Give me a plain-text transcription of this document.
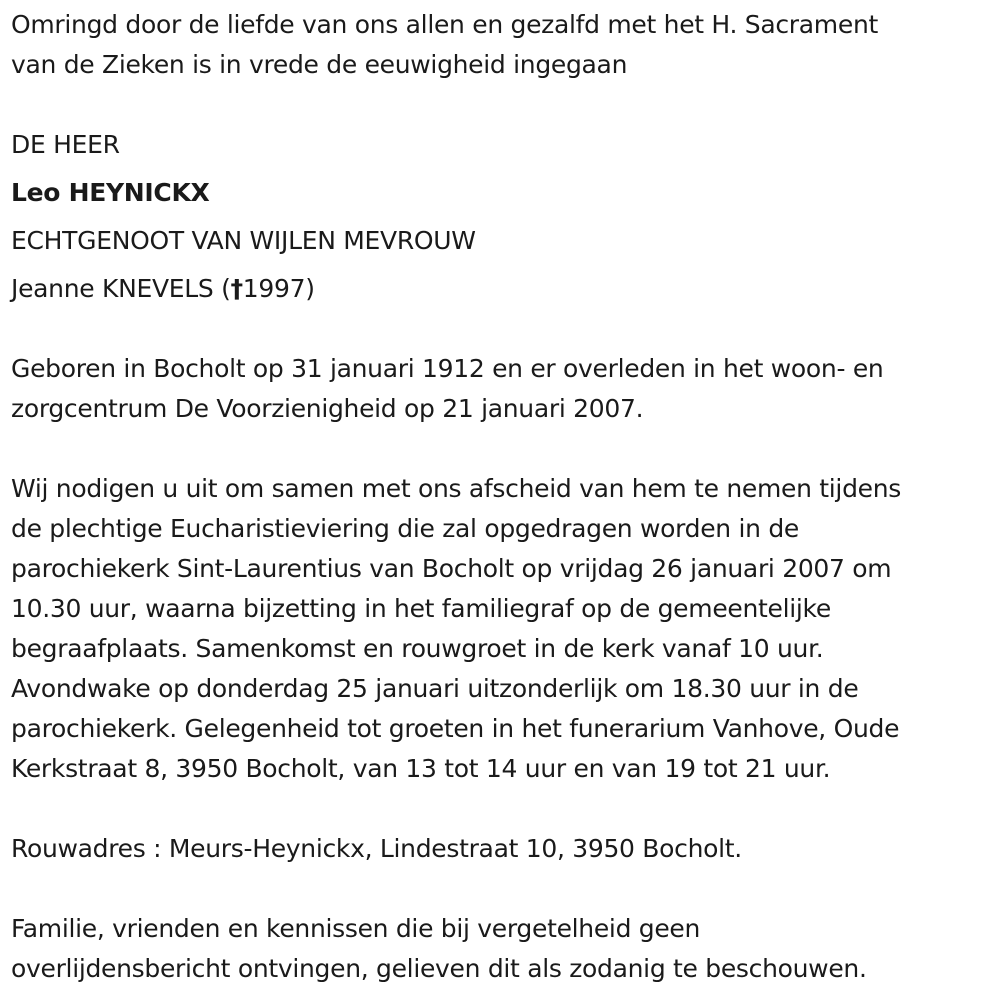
Omringd door de liefde van ons allen en gezalfd met het H. Sacrament
van de Zieken is in vrede de eeuwigheid ingegaan
DE HEER
Leo HEYNICKX
ECHTGENOOT VAN WIJLEN MEVROUW
Jeanne KNEVELS (†1997)
Geboren in Bocholt op 31 januari 1912 en er overleden in het woon- en
zorgcentrum De Voorzienigheid op 21 januari 2007.
Wij nodigen u uit om samen met ons afscheid van hem te nemen tijdens
de plechtige Eucharistieviering die zal opgedragen worden in de
parochiekerk Sint-Laurentius van Bocholt op vrijdag 26 januari 2007 om
10.30 uur, waarna bijzetting in het familiegraf op de gemeentelijke
begraafplaats. Samenkomst en rouwgroet in de kerk vanaf 10 uur.
Avondwake op donderdag 25 januari uitzonderlijk om 18.30 uur in de
parochiekerk. Gelegenheid tot groeten in het funerarium Vanhove, Oude
Kerkstraat 8, 3950 Bocholt, van 13 tot 14 uur en van 19 tot 21 uur.
Rouwadres : Meurs-Heynickx, Lindestraat 10, 3950 Bocholt.
Familie, vrienden en kennissen die bij vergetelheid geen
overlijdensbericht ontvingen, gelieven dit als zodanig te beschouwen.
